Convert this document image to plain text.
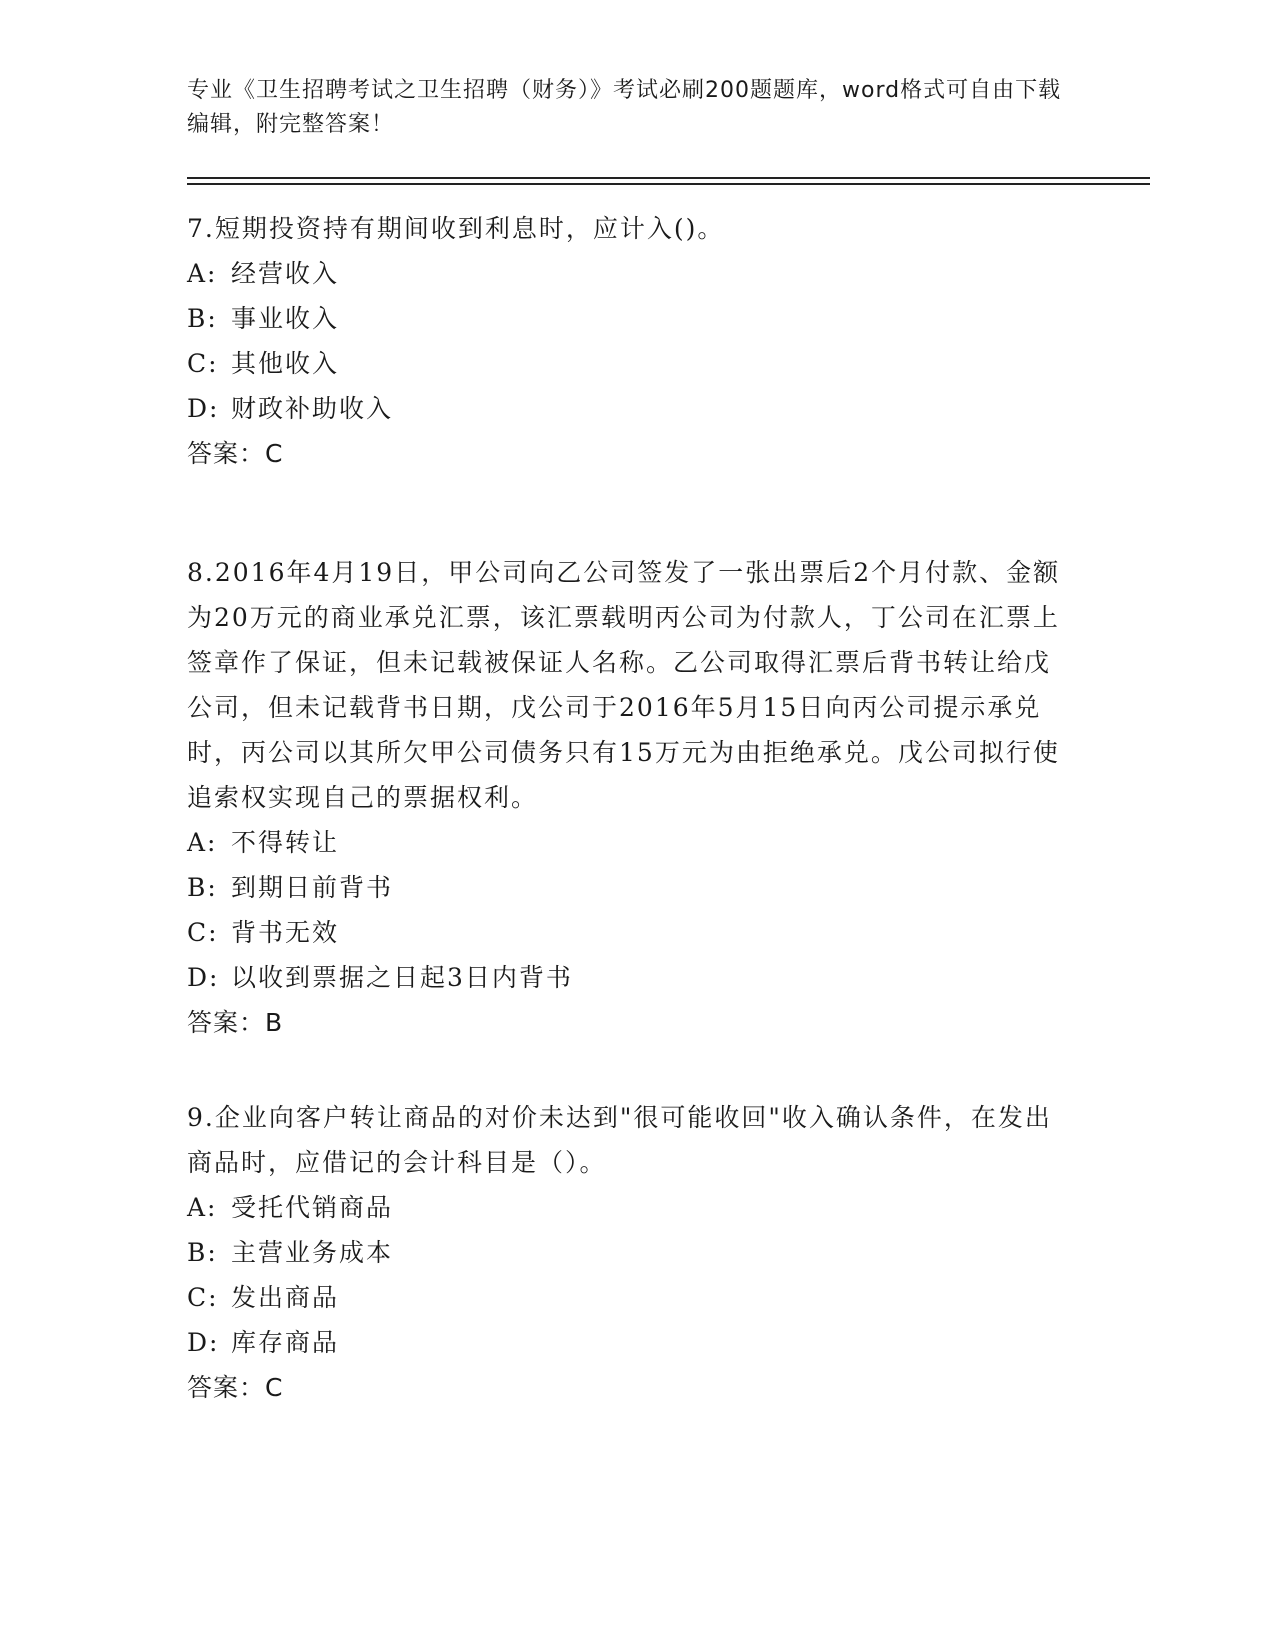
专业《卫生招聘考试之卫生招聘（财务）》考试必刷200题题库，word格式可自由下载编辑，附完整答案！

7.短期投资持有期间收到利息时，应计入()。

A: 经营收入

B: 事业收入

C: 其他收入

D: 财政补助收入

答案：C

8.2016年4月19日，甲公司向乙公司签发了一张出票后2个月付款、金额为20万元的商业承兑汇票，该汇票载明丙公司为付款人，丁公司在汇票上签章作了保证，但未记载被保证人名称。乙公司取得汇票后背书转让给戊公司，但未记载背书日期，戊公司于2016年5月15日向丙公司提示承兑时，丙公司以其所欠甲公司债务只有15万元为由拒绝承兑。戊公司拟行使追索权实现自己的票据权利。

A: 不得转让

B: 到期日前背书

C: 背书无效

D: 以收到票据之日起3日内背书

答案：B

9.企业向客户转让商品的对价未达到"很可能收回"收入确认条件，在发出商品时，应借记的会计科目是（）。

A: 受托代销商品

B: 主营业务成本

C: 发出商品

D: 库存商品

答案：C
